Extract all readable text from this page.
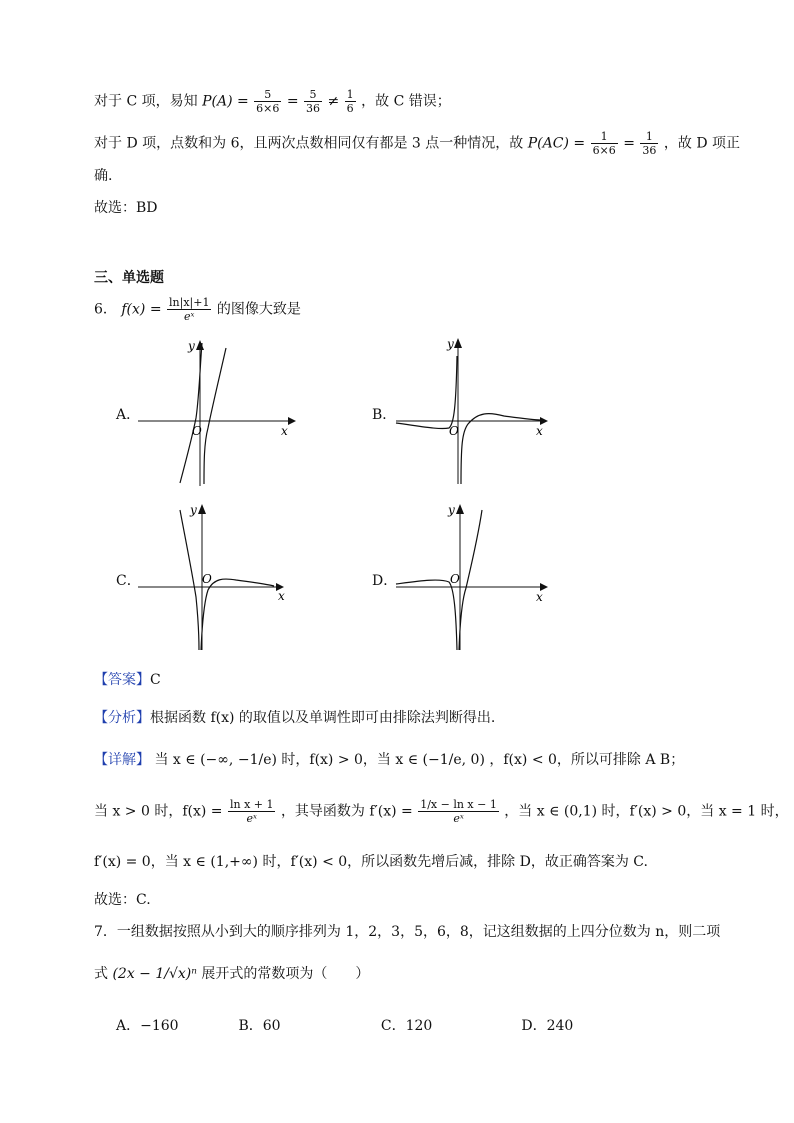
对于 C 项，易知 $P(A) = \frac{5}{6\times 6} = \frac{5}{36} \ne \frac{1}{6}$ ，故 C 错误；
对于 D 项，点数和为 6，且两次点数相同仅有都是 3 点一种情况，故 $P(AC) = \frac{1}{6\times 6} = \frac{1}{36}$ ，故 D 项正
确.
故选：BD
三、单选题
6． $f(x) = \frac{\ln|x|+1}{\text{eˣ}}$ 的图像大致是
A．
x
y
O
B．
x
y
O
C．
x
y
O	D．
x
y
O
【答案】C
【分析】根据函数 f(x) 的取值以及单调性即可由排除法判断得出.
【详解】 当 x ∈ (−∞, −1/e) 时，f(x) > 0，当 x ∈ (−1/e, 0) ，f(x) < 0，所以可排除 A B；
当 x > 0 时，$f(x) = \frac{\text{ln x + 1}}{\text{eˣ}}$ ，其导函数为 $f'(x) = \frac{\text{1/x − ln x − 1}}{\text{eˣ}}$ ，当 x ∈ (0,1) 时，f′(x) > 0，当 x = 1 时，
f′(x) = 0，当 x ∈ (1,+∞) 时，f′(x) < 0，所以函数先增后减，排除 D，故正确答案为 C.
故选：C.
7．一组数据按照从小到大的顺序排列为 1，2，3，5，6，8，记这组数据的上四分位数为 n，则二项
式 (2x − 1/√x)ⁿ 展开式的常数项为（　　）
A．−160	B．60	C．120	D．240
